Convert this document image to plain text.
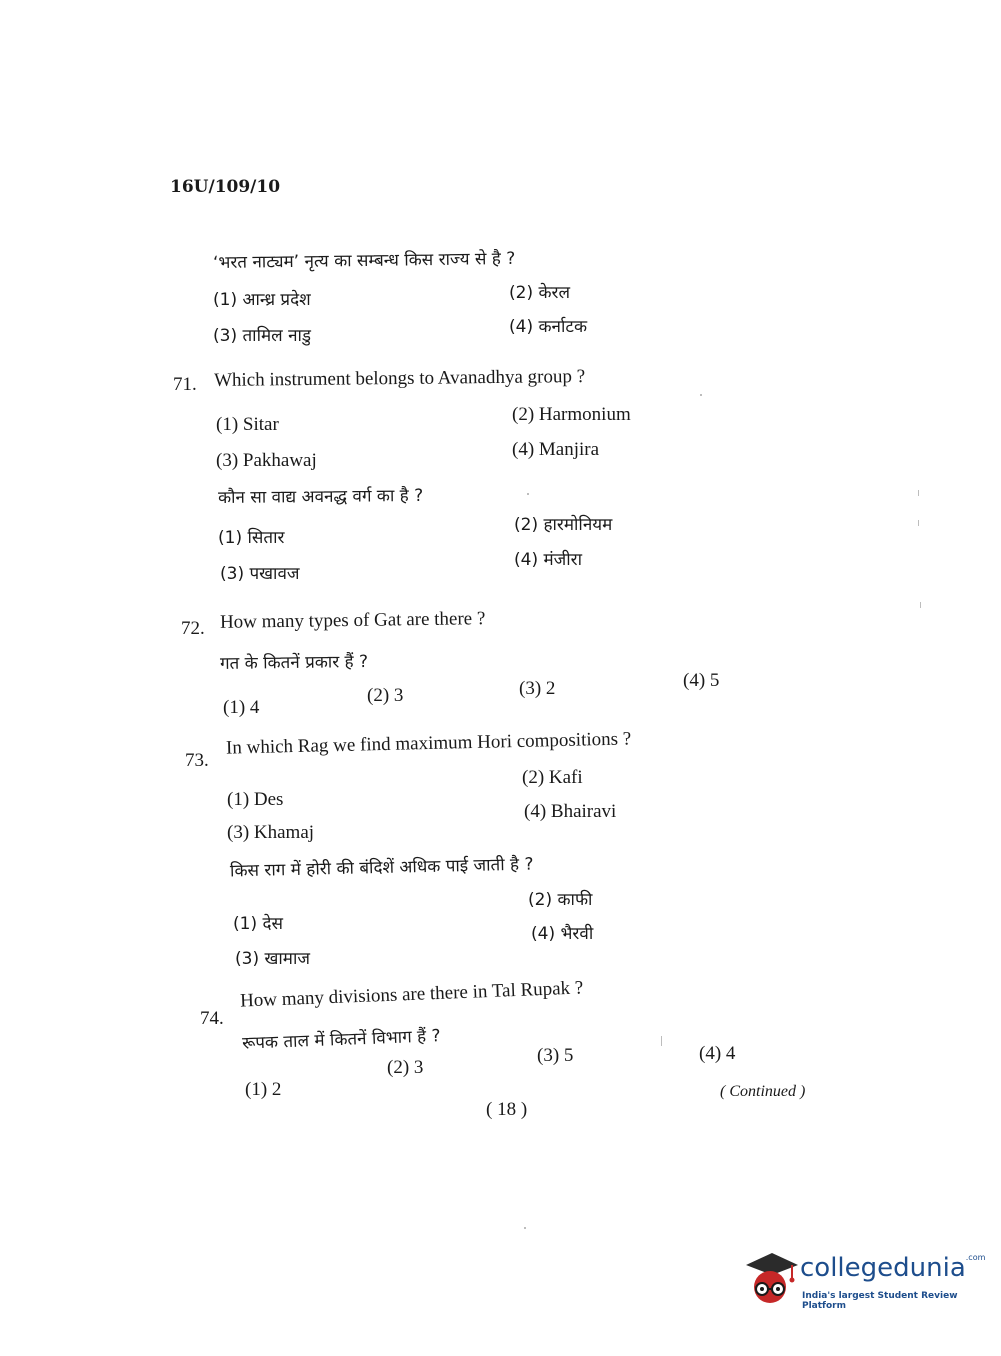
16U/109/10
‘भरत नाट्यम’ नृत्य का सम्बन्ध किस राज्य से है ?
(1) आन्ध्र प्रदेश	(2) केरल
(3) तामिल नाडु	(4) कर्नाटक
71. Which instrument belongs to Avanadhya group ?
(1) Sitar	(2) Harmonium
(3) Pakhawaj
(4) Manjira
कौन सा वाद्य अवनद्ध वर्ग का है ?
(1) सितार
(2) हारमोनियम
(3) पखावज
(4) मंजीरा
72. How many types of Gat are there ?
गत के कितनें प्रकार हैं ?
(1) 4
(2) 3	(3) 2	(4) 5
73.
In which Rag we find maximum Hori compositions ?
(1) Des
(2) Kafi
(3) Khamaj
(4) Bhairavi
किस राग में होरी की बंदिशें अधिक पाई जाती है ?
(1) देस
(2) काफी
(3) खामाज
(4) भैरवी
74.
How many divisions are there in Tal Rupak ?
रूपक ताल में कितनें विभाग हैं ?
(1) 2
(2) 3
(3) 5	(4) 4
( 18 )
( Continued )
collegedunia$^{.com}$
India's largest Student Review Platform
